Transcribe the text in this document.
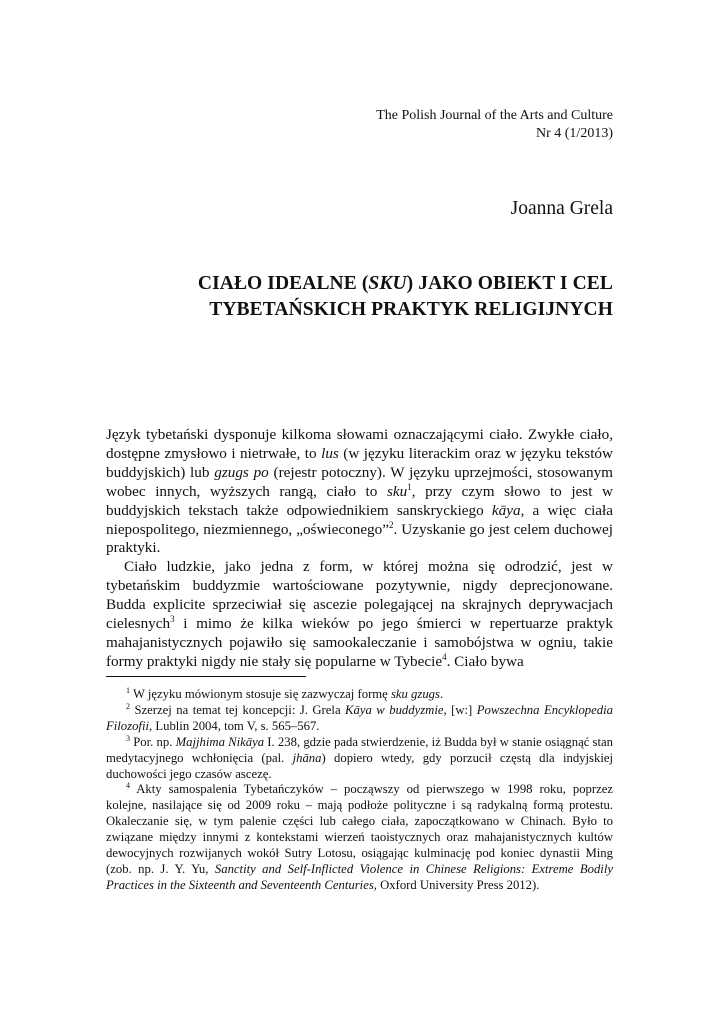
The Polish Journal of the Arts and Culture
Nr 4 (1/2013)
Joanna Grela
CIAŁO IDEALNE (SKU) JAKO OBIEKT I CEL
TYBETAŃSKICH PRAKTYK RELIGIJNYCH

Język tybetański dysponuje kilkoma słowami oznaczającymi ciało. Zwykłe ciało, dostępne zmysłowo i nietrwałe, to lus (w języku literackim oraz w języku tekstów buddyjskich) lub gzugs po (rejestr potoczny). W języku uprzejmości, stosowanym wobec innych, wyższych rangą, ciało to sku$^1$, przy czym słowo to jest w buddyjskich tekstach także odpowiednikiem sanskryckiego kāya, a więc ciała niepospolitego, niezmiennego, „oświeconego”$^2$. Uzyskanie go jest celem duchowej praktyki.

Ciało ludzkie, jako jedna z form, w której można się odrodzić, jest w tybetańskim buddyzmie wartościowane pozytywnie, nigdy deprecjonowane. Budda explicite sprzeciwiał się ascezie polegającej na skrajnych deprywacjach cielesnych$^3$ i mimo że kilka wieków po jego śmierci w repertuarze praktyk mahajanistycznych pojawiło się samookaleczanie i samobójstwa w ogniu, takie formy praktyki nigdy nie stały się popularne w Tybecie$^4$. Ciało bywa

$^1$ W języku mówionym stosuje się zazwyczaj formę sku gzugs.

$^2$ Szerzej na temat tej koncepcji: J. Grela Kāya w buddyzmie, [w:] Powszechna Encyklopedia Filozofii, Lublin 2004, tom V, s. 565–567.

$^3$ Por. np. Majjhima Nikāya I. 238, gdzie pada stwierdzenie, iż Budda był w stanie osiągnąć stan medytacyjnego wchłonięcia (pal. jhāna) dopiero wtedy, gdy porzucił częstą dla indyjskiej duchowości jego czasów ascezę.

$^4$ Akty samospalenia Tybetańczyków – począwszy od pierwszego w 1998 roku, poprzez kolejne, nasilające się od 2009 roku – mają podłoże polityczne i są radykalną formą protestu. Okaleczanie się, w tym palenie części lub całego ciała, zapoczątkowano w Chinach. Było to związane między innymi z kontekstami wierzeń taoistycznych oraz mahajanistycznych kultów dewocyjnych rozwijanych wokół Sutry Lotosu, osiągając kulminację pod koniec dynastii Ming (zob. np. J. Y. Yu, Sanctity and Self-Inflicted Violence in Chinese Religions: Extreme Bodily Practices in the Sixteenth and Seventeenth Centuries, Oxford University Press 2012).
